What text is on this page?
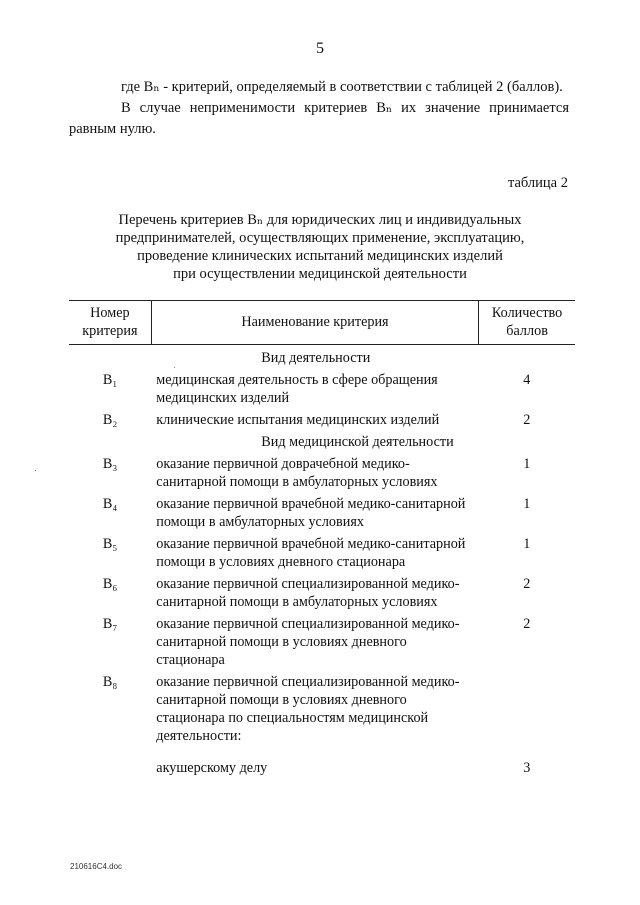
5

где Bₙ - критерий, определяемый в соответствии с таблицей 2 (баллов).

В случае неприменимости критериев Bₙ их значение принимается равным нулю.

таблица 2
Перечень критериев Bₙ для юридических лиц и индивидуальных
предпринимателей, осуществляющих применение, эксплуатацию,
проведение клинических испытаний медицинских изделий
при осуществлении медицинской деятельности
Номер критерия	Наименование критерия	Количество баллов
	Вид деятельности	
B₁	медицинская деятельность в сфере обращения медицинских изделий	4
B₂	клинические испытания медицинских изделий	2
	Вид медицинской деятельности	
B₃	оказание первичной доврачебной медико-санитарной помощи в амбулаторных условиях	1
B₄	оказание первичной врачебной медико-санитарной помощи в амбулаторных условиях	1
B₅	оказание первичной врачебной медико-санитарной помощи в условиях дневного стационара	1
B₆	оказание первичной специализированной медико-санитарной помощи в амбулаторных условиях	2
B₇	оказание первичной специализированной медико-санитарной помощи в условиях дневного стационара	2
B₈	оказание первичной специализированной медико-санитарной помощи в условиях дневного стационара по специальностям медицинской деятельности:	
	акушерскому делу	3
210616C4.doc
